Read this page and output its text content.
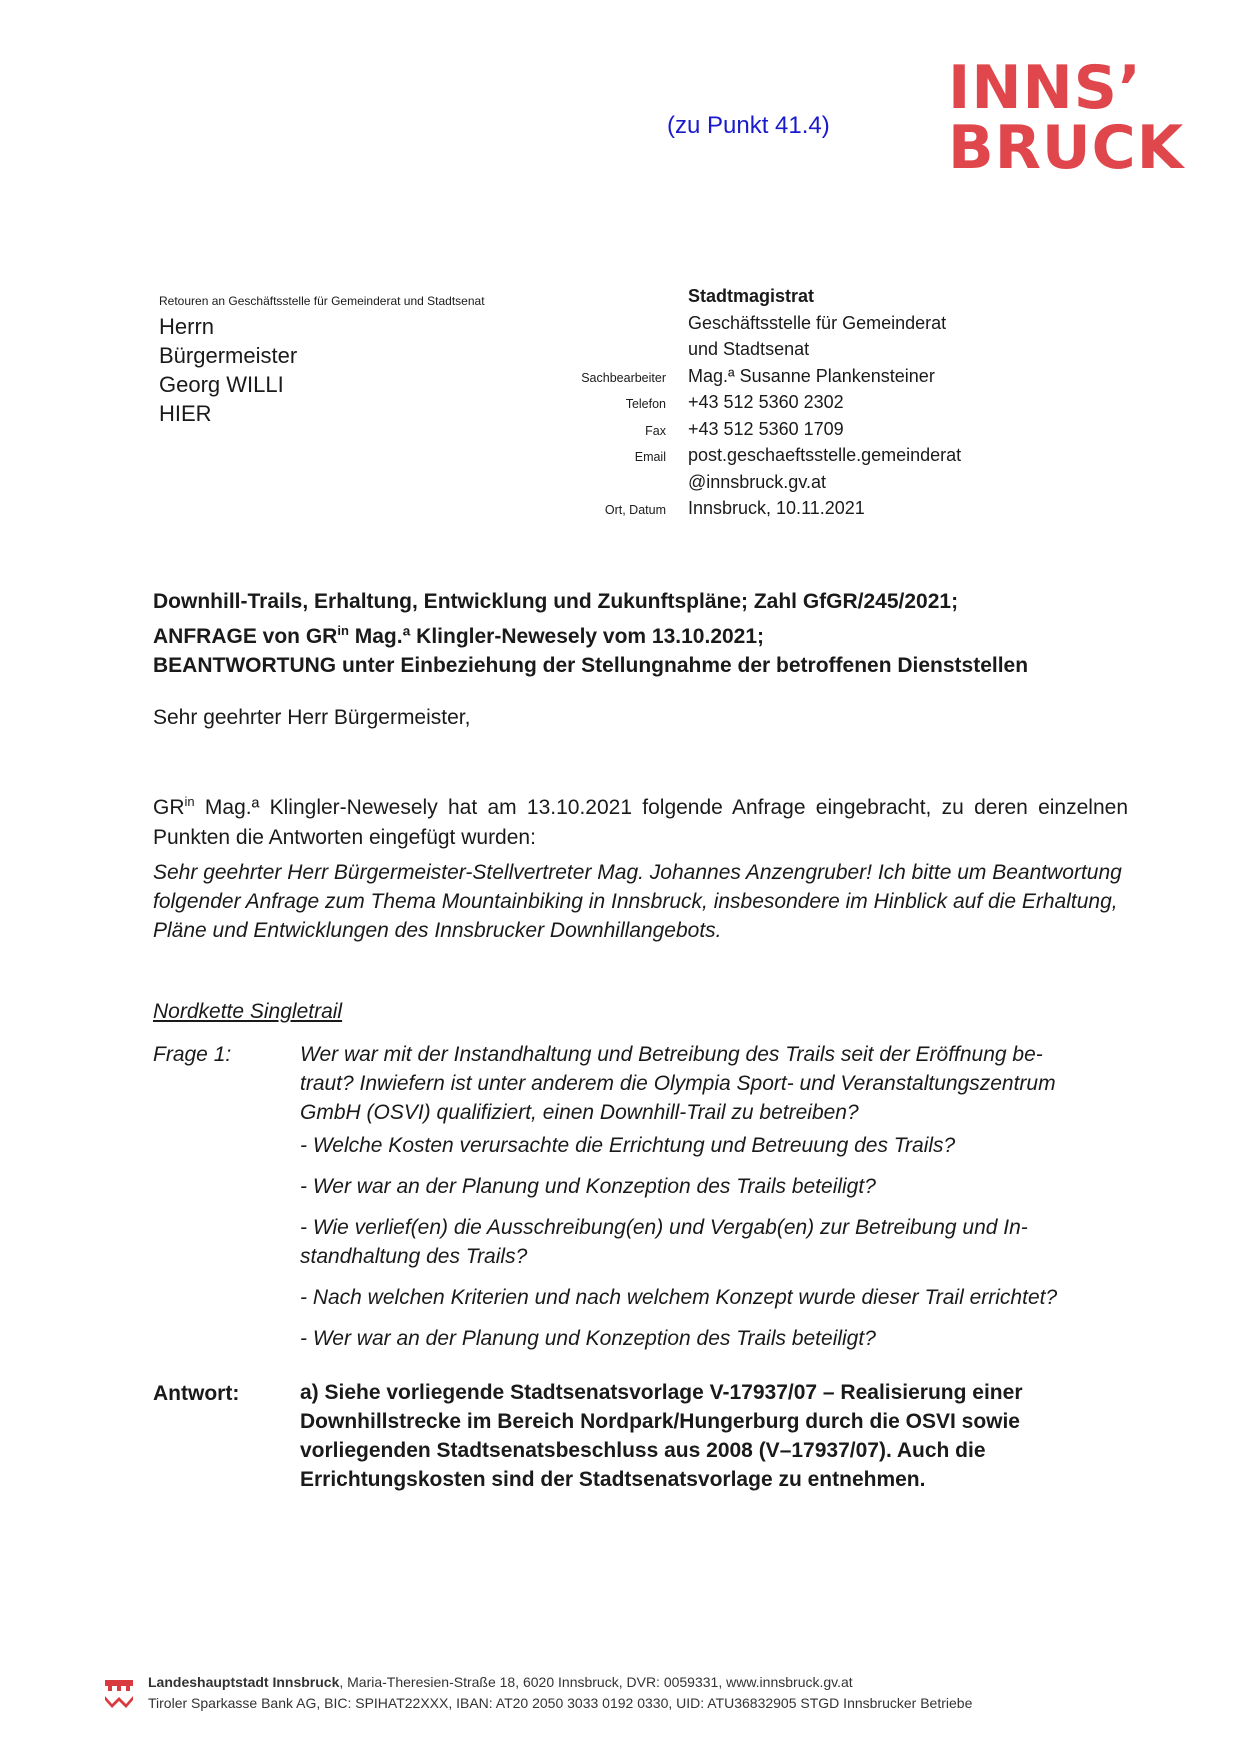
(zu Punkt 41.4)
INNS’
BRUCK
Retouren an Geschäftsstelle für Gemeinderat und Stadtsenat
Herrn
Bürgermeister
Georg WILLI
HIER
Stadtmagistrat
Geschäftsstelle für Gemeinderat
und Stadtsenat
Sachbearbeiter	Mag.ª Susanne Plankensteiner
Telefon	+43 512 5360 2302
Fax	+43 512 5360 1709
Email	post.geschaeftsstelle.gemeinderat
@innsbruck.gv.at
Ort, Datum	Innsbruck, 10.11.2021
Downhill-Trails, Erhaltung, Entwicklung und Zukunftspläne; Zahl GfGR/245/2021;
ANFRAGE von $GR^{in}$ Mag.ª Klingler-Newesely vom 13.10.2021;
BEANTWORTUNG unter Einbeziehung der Stellungnahme der betroffenen Dienststellen
Sehr geehrter Herr Bürgermeister,
$GR^{in}$ Mag.ª Klingler-Newesely hat am 13.10.2021 folgende Anfrage eingebracht, zu deren einzelnen Punkten die Antworten eingefügt wurden:
Sehr geehrter Herr Bürgermeister-Stellvertreter Mag. Johannes Anzengruber! Ich bitte um Beantwortung folgender Anfrage zum Thema Mountainbiking in Innsbruck, insbesondere im Hinblick auf die Erhaltung, Pläne und Entwicklungen des Innsbrucker Downhillangebots.
Nordkette Singletrail
Frage 1:	Wer war mit der Instandhaltung und Betreibung des Trails seit der Eröffnung be-
traut? Inwiefern ist unter anderem die Olympia Sport- und Veranstaltungszentrum
GmbH (OSVI) qualifiziert, einen Downhill-Trail zu betreiben?
- Welche Kosten verursachte die Errichtung und Betreuung des Trails?
- Wer war an der Planung und Konzeption des Trails beteiligt?
- Wie verlief(en) die Ausschreibung(en) und Vergab(en) zur Betreibung und In-
standhaltung des Trails?
- Nach welchen Kriterien und nach welchem Konzept wurde dieser Trail errichtet?
- Wer war an der Planung und Konzeption des Trails beteiligt?
Antwort:	a) Siehe vorliegende Stadtsenatsvorlage V-17937/07 – Realisierung einer
Downhillstrecke im Bereich Nordpark/Hungerburg durch die OSVI sowie
vorliegenden Stadtsenatsbeschluss aus 2008 (V–17937/07). Auch die
Errichtungskosten sind der Stadtsenatsvorlage zu entnehmen.
Landeshauptstadt Innsbruck, Maria-Theresien-Straße 18, 6020 Innsbruck, DVR: 0059331, www.innsbruck.gv.at
Tiroler Sparkasse Bank AG, BIC: SPIHAT22XXX, IBAN: AT20 2050 3033 0192 0330, UID: ATU36832905 STGD Innsbrucker Betriebe
